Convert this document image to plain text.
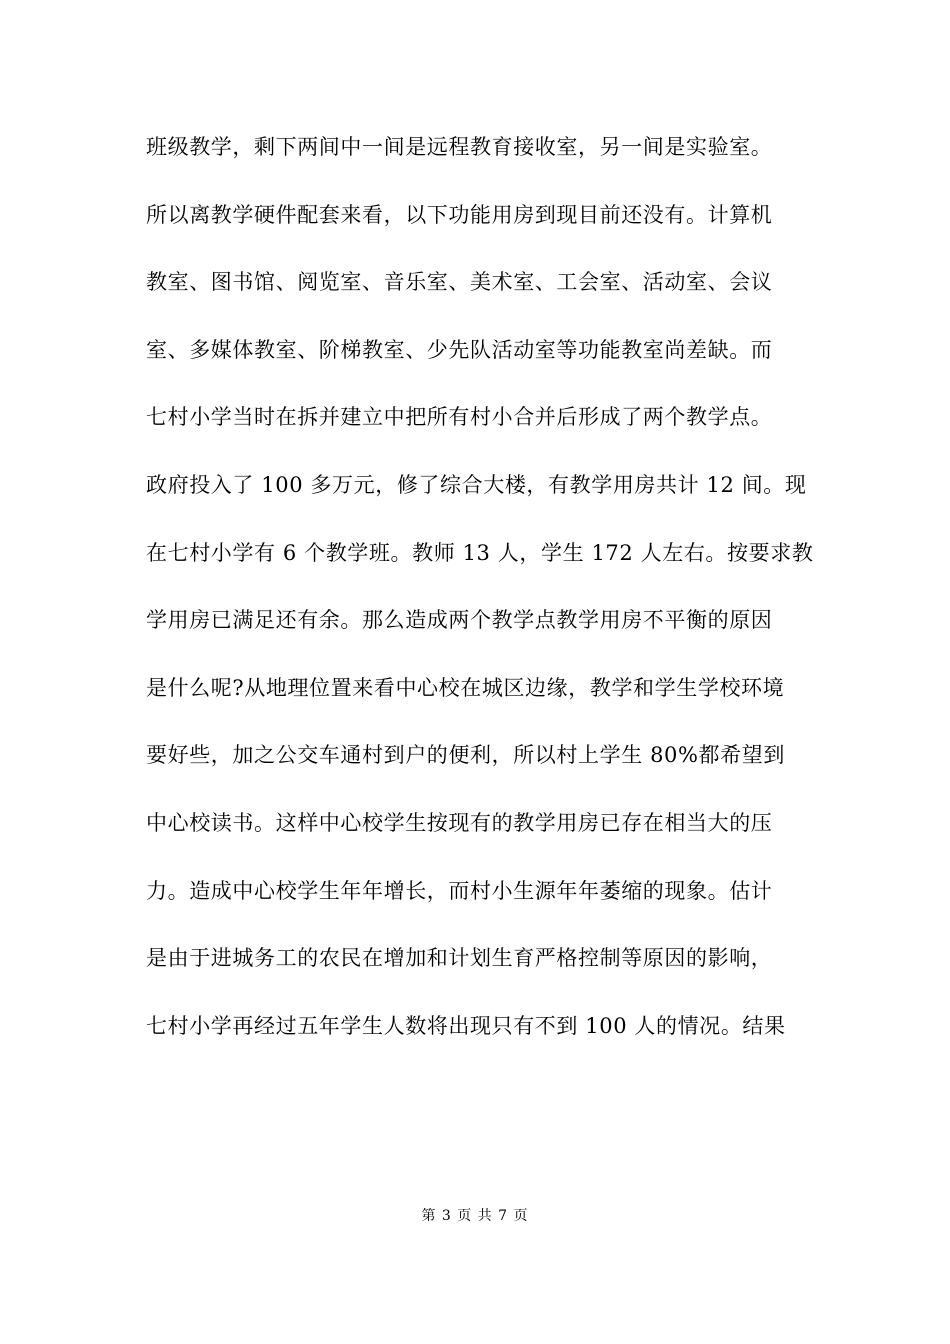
班级教学，剩下两间中一间是远程教育接收室，另一间是实验室。
所以离教学硬件配套来看，以下功能用房到现目前还没有。计算机
教室、图书馆、阅览室、音乐室、美术室、工会室、活动室、会议
室、多媒体教室、阶梯教室、少先队活动室等功能教室尚差缺。而
七村小学当时在拆并建立中把所有村小合并后形成了两个教学点。
政府投入了 100 多万元，修了综合大楼，有教学用房共计 12 间。现
在七村小学有 6 个教学班。教师 13 人，学生 172 人左右。按要求教
学用房已满足还有余。那么造成两个教学点教学用房不平衡的原因
是什么呢?从地理位置来看中心校在城区边缘，教学和学生学校环境
要好些，加之公交车通村到户的便利，所以村上学生 80%都希望到
中心校读书。这样中心校学生按现有的教学用房已存在相当大的压
力。造成中心校学生年年增长，而村小生源年年萎缩的现象。估计
是由于进城务工的农民在增加和计划生育严格控制等原因的影响，
七村小学再经过五年学生人数将出现只有不到 100 人的情况。结果
第 3 页 共 7 页
